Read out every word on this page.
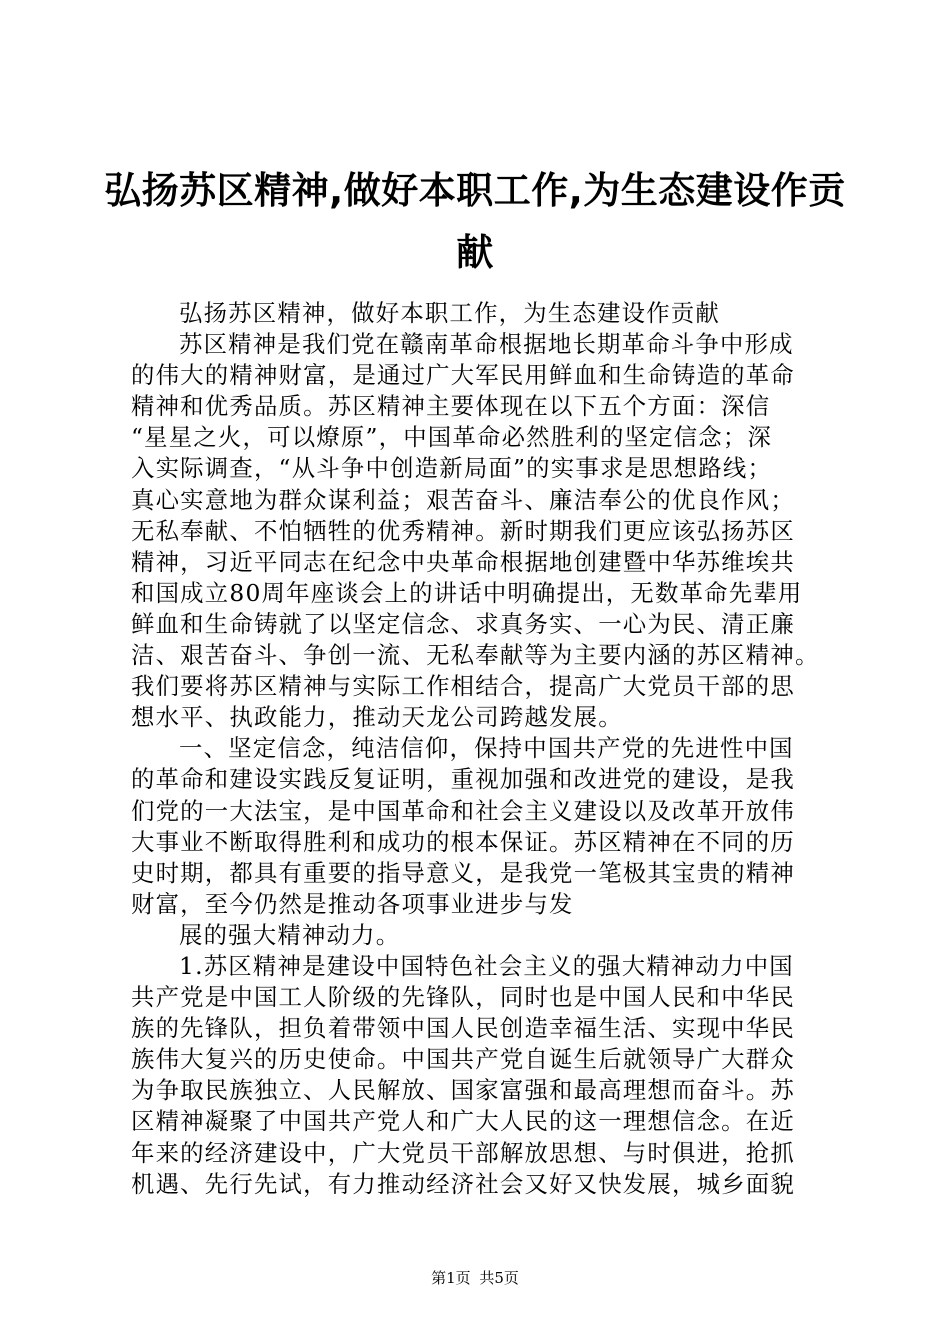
弘扬苏区精神,做好本职工作,为生态建设作贡
献
弘扬苏区精神，做好本职工作，为生态建设作贡献
苏区精神是我们党在赣南革命根据地长期革命斗争中形成
的伟大的精神财富，是通过广大军民用鲜血和生命铸造的革命
精神和优秀品质。苏区精神主要体现在以下五个方面：深信
“星星之火，可以燎原”，中国革命必然胜利的坚定信念；深
入实际调查，“从斗争中创造新局面”的实事求是思想路线；
真心实意地为群众谋利益；艰苦奋斗、廉洁奉公的优良作风；
无私奉献、不怕牺牲的优秀精神。新时期我们更应该弘扬苏区
精神，习近平同志在纪念中央革命根据地创建暨中华苏维埃共
和国成立80周年座谈会上的讲话中明确提出，无数革命先辈用
鲜血和生命铸就了以坚定信念、求真务实、一心为民、清正廉
洁、艰苦奋斗、争创一流、无私奉献等为主要内涵的苏区精神。
我们要将苏区精神与实际工作相结合，提高广大党员干部的思
想水平、执政能力，推动天龙公司跨越发展。
一、坚定信念，纯洁信仰，保持中国共产党的先进性中国
的革命和建设实践反复证明，重视加强和改进党的建设，是我
们党的一大法宝，是中国革命和社会主义建设以及改革开放伟
大事业不断取得胜利和成功的根本保证。苏区精神在不同的历
史时期，都具有重要的指导意义，是我党一笔极其宝贵的精神
财富，至今仍然是推动各项事业进步与发
展的强大精神动力。
1.苏区精神是建设中国特色社会主义的强大精神动力中国
共产党是中国工人阶级的先锋队，同时也是中国人民和中华民
族的先锋队，担负着带领中国人民创造幸福生活、实现中华民
族伟大复兴的历史使命。中国共产党自诞生后就领导广大群众
为争取民族独立、人民解放、国家富强和最高理想而奋斗。苏
区精神凝聚了中国共产党人和广大人民的这一理想信念。在近
年来的经济建设中，广大党员干部解放思想、与时俱进，抢抓
机遇、先行先试，有力推动经济社会又好又快发展，城乡面貌
第1页 共5页
